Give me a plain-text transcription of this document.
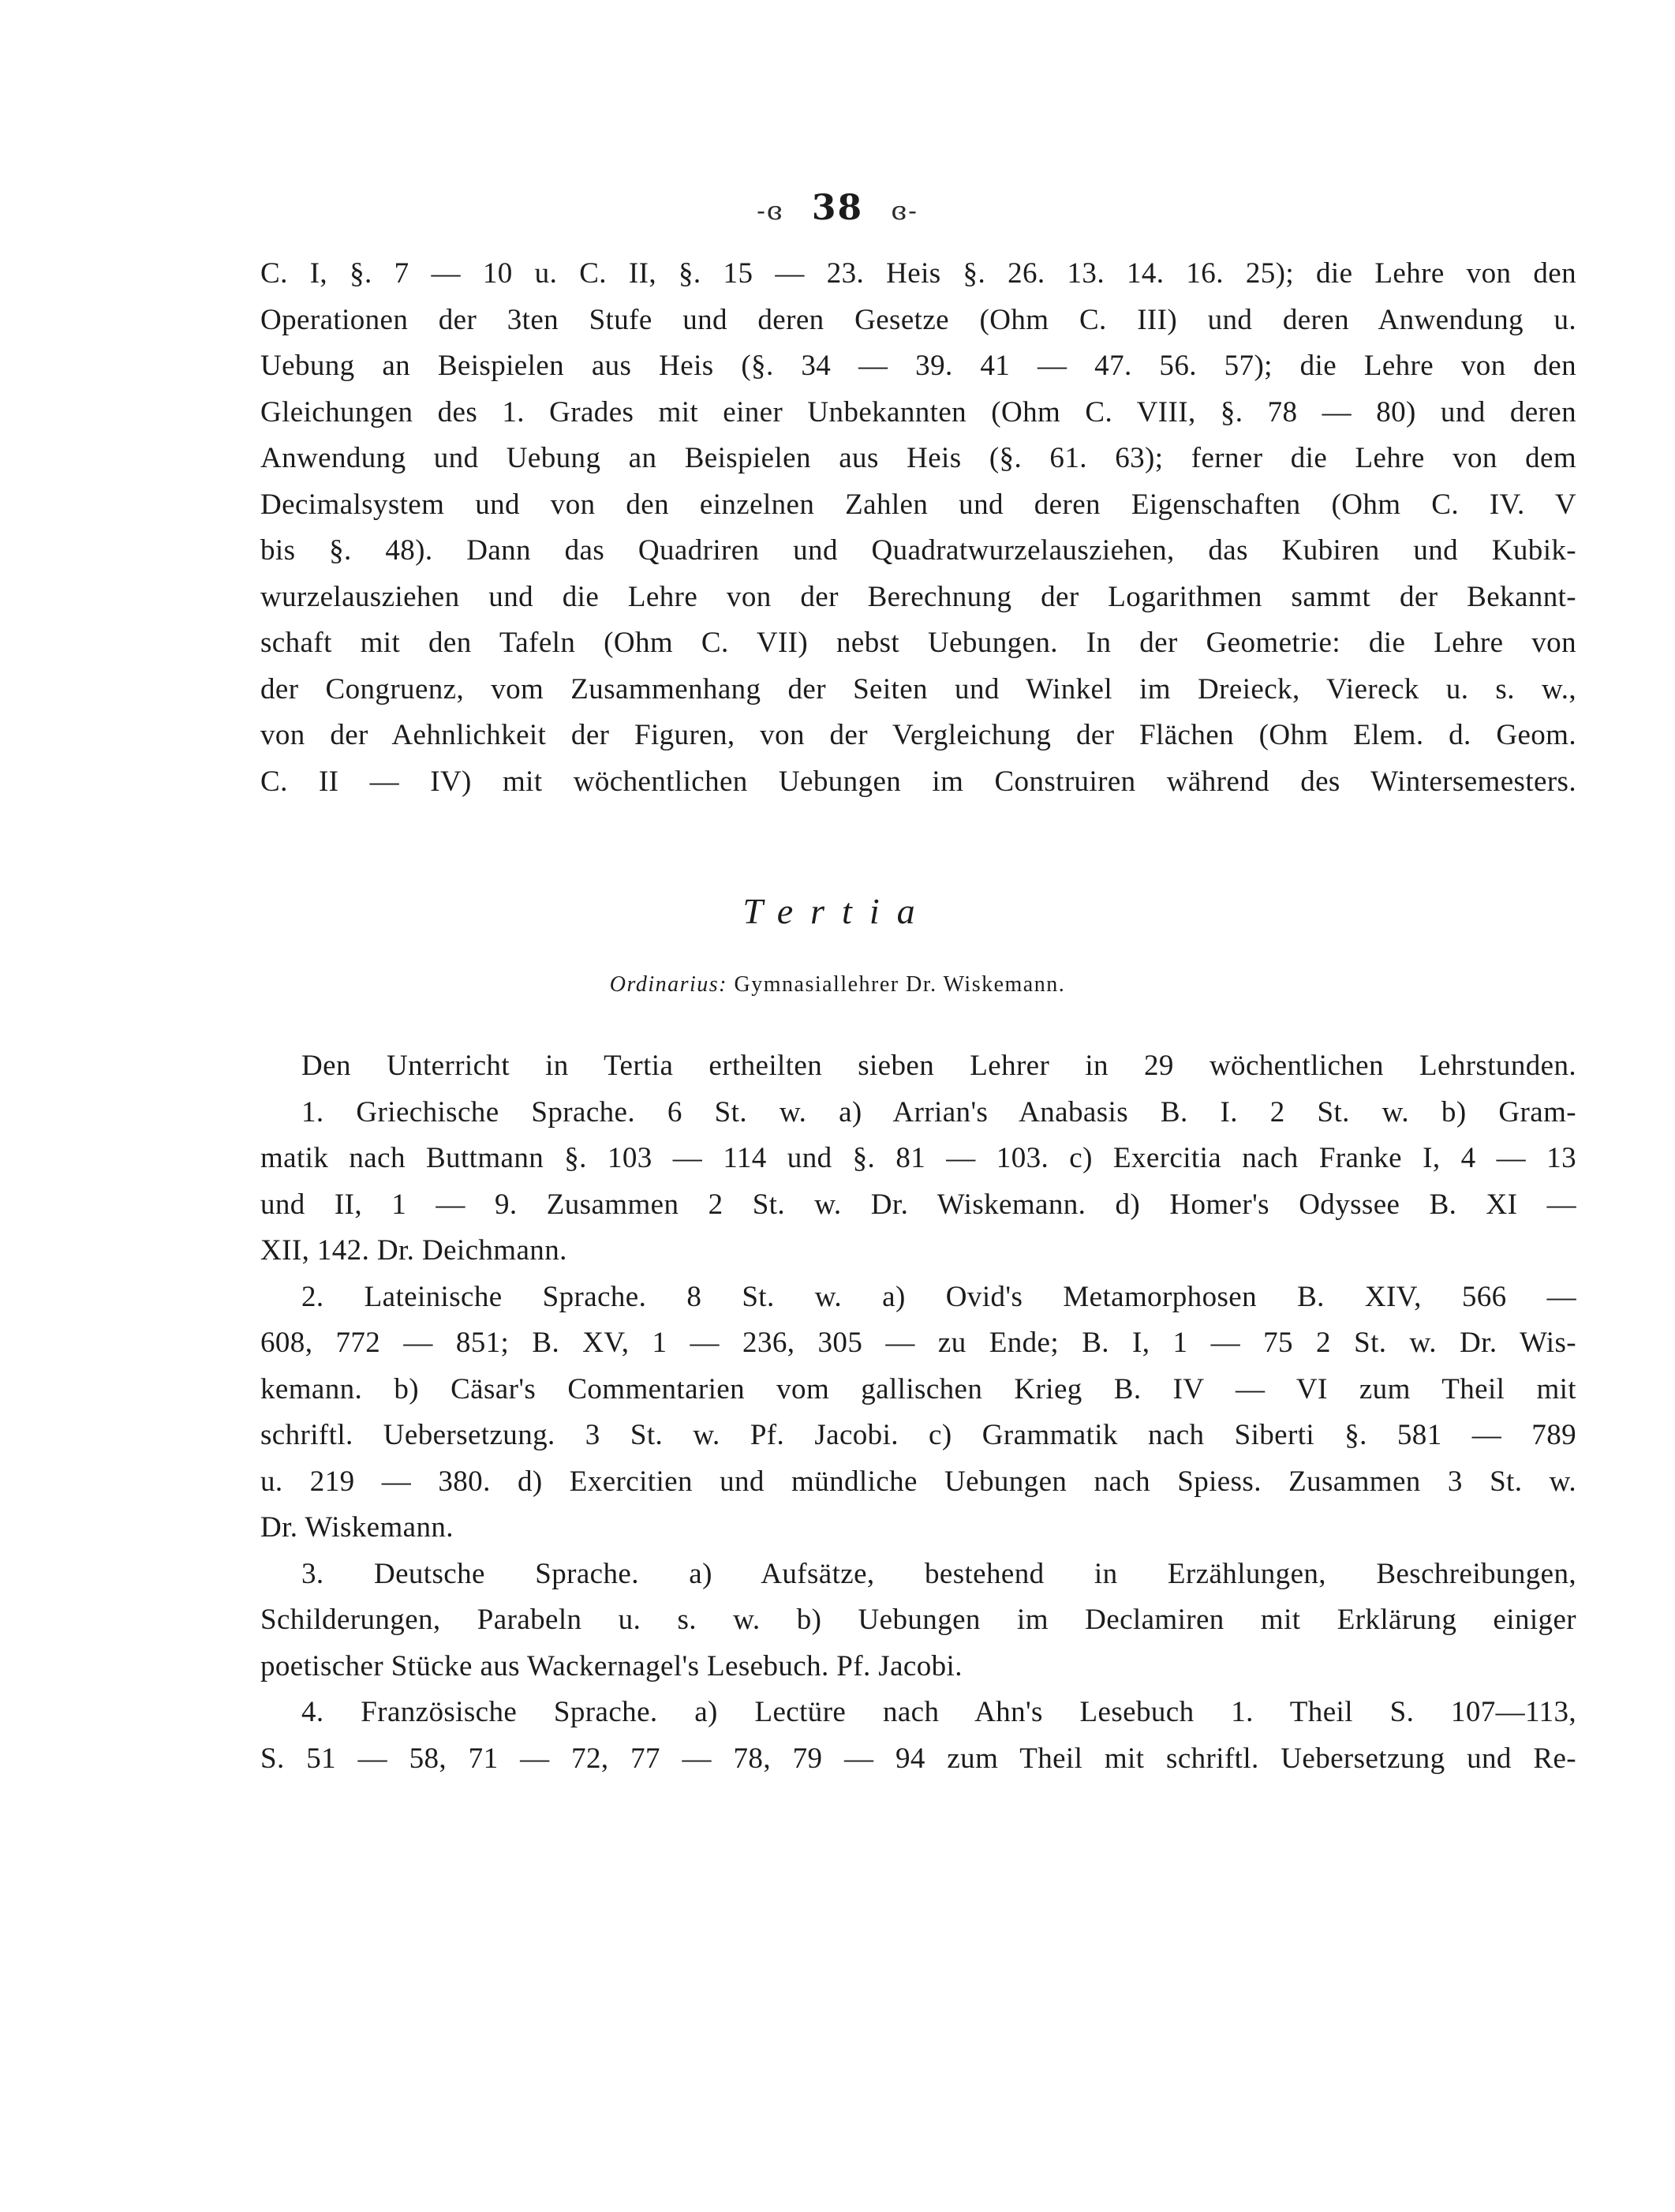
-ɞ 38 ɞ-
C. I, §. 7 — 10 u. C. II, §. 15 — 23. Heis §. 26. 13. 14. 16. 25); die Lehre von den
Operationen der 3ten Stufe und deren Gesetze (Ohm C. III) und deren Anwendung u.
Uebung an Beispielen aus Heis (§. 34 — 39. 41 — 47. 56. 57); die Lehre von den
Gleichungen des 1. Grades mit einer Unbekannten (Ohm C. VIII, §. 78 — 80) und deren
Anwendung und Uebung an Beispielen aus Heis (§. 61. 63); ferner die Lehre von dem
Decimalsystem und von den einzelnen Zahlen und deren Eigenschaften (Ohm C. IV. V
bis §. 48). Dann das Quadriren und Quadratwurzelausziehen, das Kubiren und Kubik-
wurzelausziehen und die Lehre von der Berechnung der Logarithmen sammt der Bekannt-
schaft mit den Tafeln (Ohm C. VII) nebst Uebungen. In der Geometrie: die Lehre von
der Congruenz, vom Zusammenhang der Seiten und Winkel im Dreieck, Viereck u. s. w.,
von der Aehnlichkeit der Figuren, von der Vergleichung der Flächen (Ohm Elem. d. Geom.
C. II — IV) mit wöchentlichen Uebungen im Construiren während des Wintersemesters.
Tertia
Ordinarius: Gymnasiallehrer Dr. Wiskemann.
Den Unterricht in Tertia ertheilten sieben Lehrer in 29 wöchentlichen Lehrstunden.
1. Griechische Sprache. 6 St. w. a) Arrian's Anabasis B. I. 2 St. w. b) Gram-
matik nach Buttmann §. 103 — 114 und §. 81 — 103. c) Exercitia nach Franke I, 4 — 13
und II, 1 — 9. Zusammen 2 St. w. Dr. Wiskemann. d) Homer's Odyssee B. XI —
XII, 142. Dr. Deichmann.
2. Lateinische Sprache. 8 St. w. a) Ovid's Metamorphosen B. XIV, 566 —
608, 772 — 851; B. XV, 1 — 236, 305 — zu Ende; B. I, 1 — 75 2 St. w. Dr. Wis-
kemann. b) Cäsar's Commentarien vom gallischen Krieg B. IV — VI zum Theil mit
schriftl. Uebersetzung. 3 St. w. Pf. Jacobi. c) Grammatik nach Siberti §. 581 — 789
u. 219 — 380. d) Exercitien und mündliche Uebungen nach Spiess. Zusammen 3 St. w.
Dr. Wiskemann.
3. Deutsche Sprache. a) Aufsätze, bestehend in Erzählungen, Beschreibungen,
Schilderungen, Parabeln u. s. w. b) Uebungen im Declamiren mit Erklärung einiger
poetischer Stücke aus Wackernagel's Lesebuch. Pf. Jacobi.
4. Französische Sprache. a) Lectüre nach Ahn's Lesebuch 1. Theil S. 107—113,
S. 51 — 58, 71 — 72, 77 — 78, 79 — 94 zum Theil mit schriftl. Uebersetzung und Re-
